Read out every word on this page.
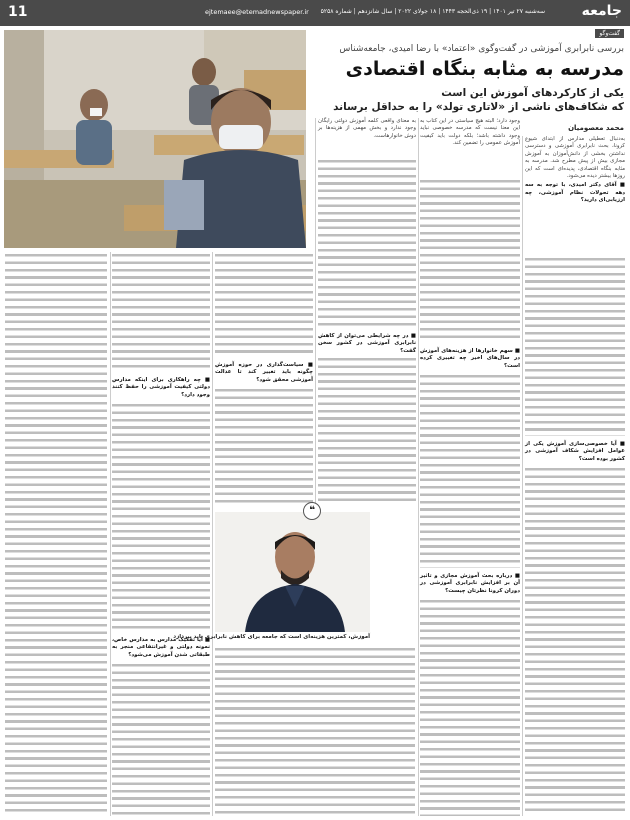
جامعه
سه‌شنبه ۲۷ تیر ۱۴۰۱ | ۱۹ ذی‌الحجه ۱۴۴۳ | ۱۸ جولای ۲۰۲۲ | سال شانزدهم | شماره ۵۲۵۸
ejtemaee@etemadnewspaper.ir
11
گفت‌وگو
بررسی نابرابری آموزشی در گفت‌وگوی «اعتماد» با رضا امیدی، جامعه‌شناس
مدرسه به مثابه بنگاه اقتصادی
یکی از کارکردهای آموزش این است
که شکاف‌های ناشی از «لاتاری تولد» را به حداقل برساند
محمد معصومیان

به‌دنبال تعطیلی مدارس از ابتدای شیوع کرونا، بحث نابرابری آموزشی و دسترسی نداشتن بخشی از دانش‌آموزان به آموزش مجازی بیش از پیش مطرح شد. مدرسه به مثابه بنگاه اقتصادی، پدیده‌ای است که این روزها بیشتر دیده می‌شود.

■ آقای دکتر امیدی، با توجه به سه دهه تحولات نظام آموزشی، چه ارزیابی‌ای دارید؟

■ آیا خصوصی‌سازی آموزش یکی از عوامل افزایش شکاف آموزشی در کشور بوده است؟

وجود دارد؛ البته هیچ سیاستی در این کتاب به این معنا نیست که مدرسه خصوصی نباید وجود داشته باشد؛ بلکه دولت باید کیفیت آموزش عمومی را تضمین کند.

■ سهم خانوارها از هزینه‌های آموزش در سال‌های اخیر چه تغییری کرده است؟
■ درباره بحث آموزش مجازی و تاثیر آن بر افزایش نابرابری آموزشی در دوران کرونا نظرتان چیست؟

به معنای واقعی کلمه آموزش دولتی رایگان وجود ندارد و بخش مهمی از هزینه‌ها بر دوش خانوارهاست.

■ در چه شرایطی می‌توان از کاهش نابرابری آموزشی در کشور سخن گفت؟
■ سیاست‌گذاری در حوزه آموزش چگونه باید تغییر کند تا عدالت آموزشی محقق شود؟
■ چه راهکاری برای اینکه مدارس دولتی کیفیت آموزشی را حفظ کنند وجود دارد؟
■ آیا تفکیک مدارس به مدارس خاص، نمونه دولتی و غیرانتفاعی منجر به طبقاتی شدن آموزش می‌شود؟
❝
آموزش، کمترین هزینه‌ای است که جامعه برای کاهش نابرابری باید بپردازد
